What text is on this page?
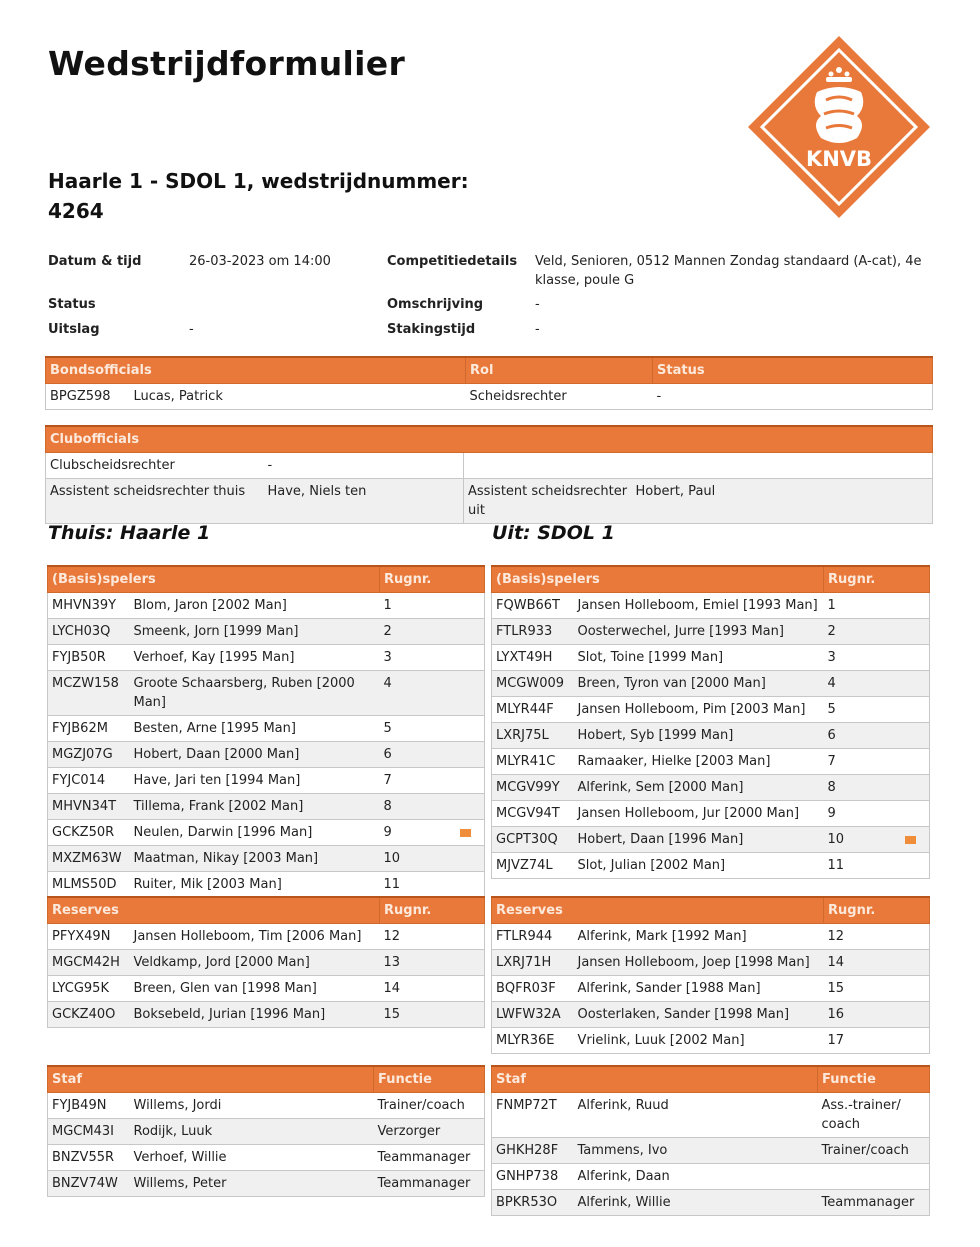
Wedstrijdformulier
Haarle 1 - SDOL 1, wedstrijdnummer:
4264
KNVB
Datum & tijd	26-03-2023 om 14:00
Status
Uitslag	-
Competitiedetails Veld, Senioren, 0512 Mannen Zondag standaard (A-cat), 4e klasse, poule G
Omschrijving	-
Stakingstijd	-
Bondsofficials		Rol	Status
BPGZ598	Lucas, Patrick	Scheidsrechter	-
Clubofficials			
Clubscheidsrechter	-		
Assistent scheidsrechter thuis	Have, Niels ten	Assistent scheidsrechter uit	Hobert, Paul
Thuis: Haarle 1	Uit: SDOL 1
(Basis)spelers		Rugnr.	
MHVN39Y	Blom, Jaron [2002 Man]	1	
LYCH03Q	Smeenk, Jorn [1999 Man]	2	
FYJB50R	Verhoef, Kay [1995 Man]	3	
MCZW158	Groote Schaarsberg, Ruben [2000 Man]	4	
FYJB62M	Besten, Arne [1995 Man]	5	
MGZJ07G	Hobert, Daan [2000 Man]	6	
FYJC014	Have, Jari ten [1994 Man]	7	
MHVN34T	Tillema, Frank [2002 Man]	8	
GCKZ50R	Neulen, Darwin [1996 Man]	9	
MXZM63W	Maatman, Nikay [2003 Man]	10	
MLMS50D	Ruiter, Mik [2003 Man]	11	
Reserves		Rugnr.	
PFYX49N	Jansen Holleboom, Tim [2006 Man]	12	
MGCM42H	Veldkamp, Jord [2000 Man]	13	
LYCG95K	Breen, Glen van [1998 Man]	14	
GCKZ40O	Boksebeld, Jurian [1996 Man]	15	
Staf		Functie
FYJB49N	Willems, Jordi	Trainer/coach
MGCM43I	Rodijk, Luuk	Verzorger
BNZV55R	Verhoef, Willie	Teammanager
BNZV74W	Willems, Peter	Teammanager
(Basis)spelers		Rugnr.	
FQWB66T	Jansen Holleboom, Emiel [1993 Man]	1	
FTLR933	Oosterwechel, Jurre [1993 Man]	2	
LYXT49H	Slot, Toine [1999 Man]	3	
MCGW009	Breen, Tyron van [2000 Man]	4	
MLYR44F	Jansen Holleboom, Pim [2003 Man]	5	
LXRJ75L	Hobert, Syb [1999 Man]	6	
MLYR41C	Ramaaker, Hielke [2003 Man]	7	
MCGV99Y	Alferink, Sem [2000 Man]	8	
MCGV94T	Jansen Holleboom, Jur [2000 Man]	9	
GCPT30Q	Hobert, Daan [1996 Man]	10	
MJVZ74L	Slot, Julian [2002 Man]	11	
Reserves		Rugnr.	
FTLR944	Alferink, Mark [1992 Man]	12	
LXRJ71H	Jansen Holleboom, Joep [1998 Man]	14	
BQFR03F	Alferink, Sander [1988 Man]	15	
LWFW32A	Oosterlaken, Sander [1998 Man]	16	
MLYR36E	Vrielink, Luuk [2002 Man]	17	
Staf		Functie
FNMP72T	Alferink, Ruud	Ass.-trainer/ coach
GHKH28F	Tammens, Ivo	Trainer/coach
GNHP738	Alferink, Daan	
BPKR53O	Alferink, Willie	Teammanager
